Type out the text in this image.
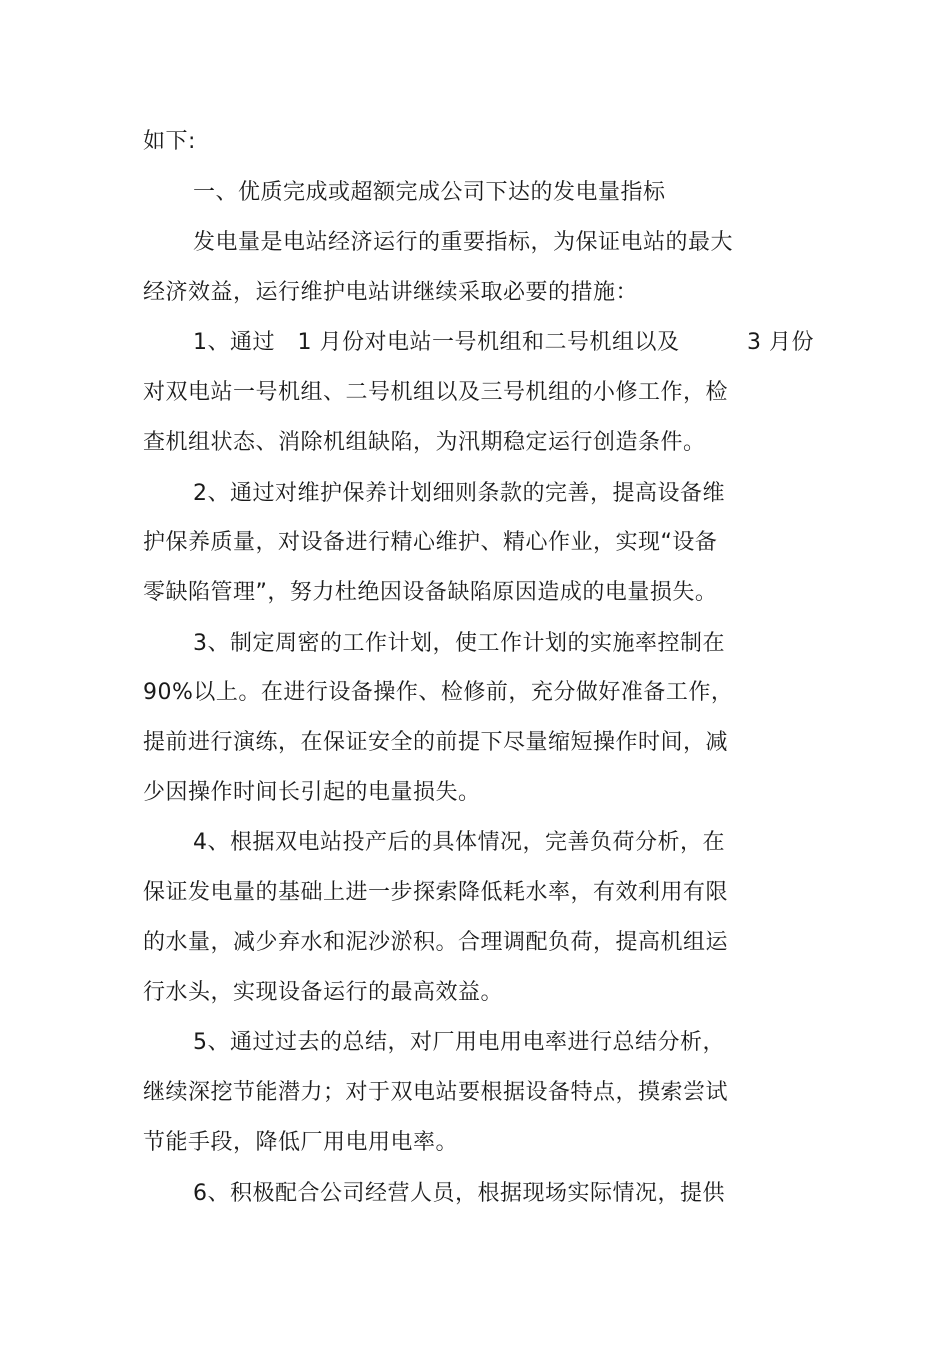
如下:
一、优质完成或超额完成公司下达的发电量指标
发电量是电站经济运行的重要指标，为保证电站的最大
经济效益，运行维护电站讲继续采取必要的措施：
1、通过　1 月份对电站一号机组和二号机组以及　　　3 月份
对双电站一号机组、二号机组以及三号机组的小修工作，检
查机组状态、消除机组缺陷，为汛期稳定运行创造条件。
2、通过对维护保养计划细则条款的完善，提高设备维
护保养质量，对设备进行精心维护、精心作业，实现“设备
零缺陷管理”，努力杜绝因设备缺陷原因造成的电量损失。
3、制定周密的工作计划，使工作计划的实施率控制在
90%以上。在进行设备操作、检修前，充分做好准备工作，
提前进行演练，在保证安全的前提下尽量缩短操作时间，减
少因操作时间长引起的电量损失。
4、根据双电站投产后的具体情况，完善负荷分析，在
保证发电量的基础上进一步探索降低耗水率，有效利用有限
的水量，减少弃水和泥沙淤积。合理调配负荷，提高机组运
行水头，实现设备运行的最高效益。
5、通过过去的总结，对厂用电用电率进行总结分析，
继续深挖节能潜力；对于双电站要根据设备特点，摸索尝试
节能手段，降低厂用电用电率。
6、积极配合公司经营人员，根据现场实际情况，提供
